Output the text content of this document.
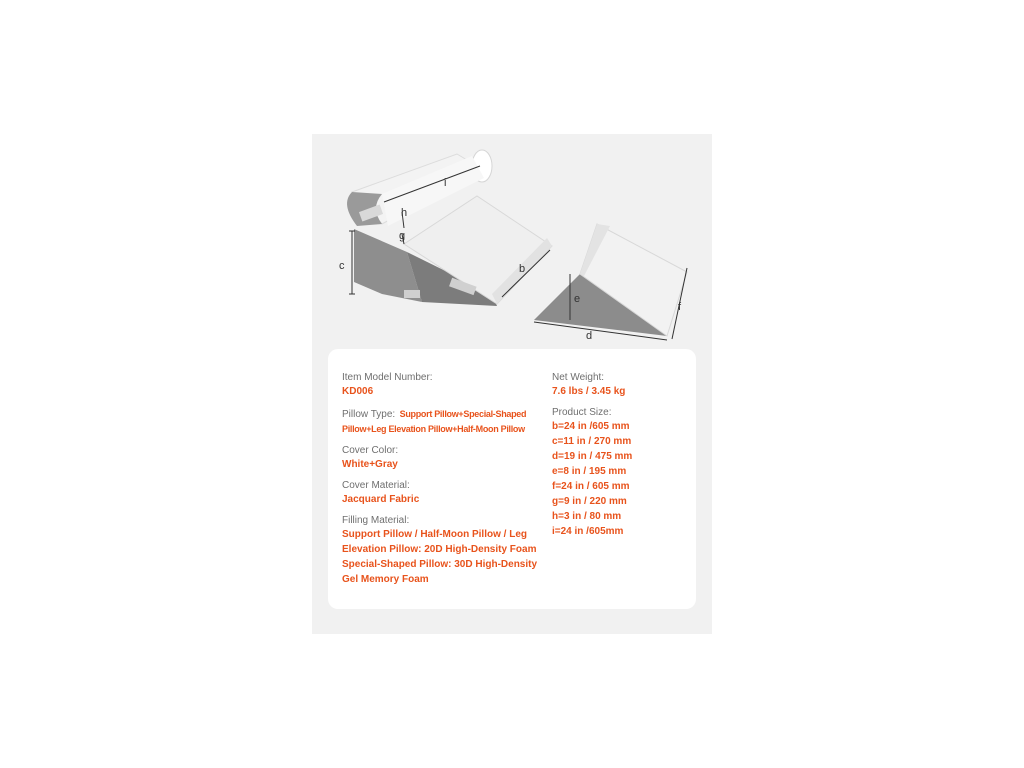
i
h
g
c	b
e
f
d
Item Model Number:
KD006
Pillow Type: Support Pillow+Special-Shaped
Pillow+Leg Elevation Pillow+Half-Moon Pillow
Cover Color:
White+Gray
Cover Material:
Jacquard Fabric
Filling Material:
Support Pillow / Half-Moon Pillow / Leg
Elevation Pillow: 20D High-Density Foam
Special-Shaped Pillow: 30D High-Density
Gel Memory Foam
Net Weight:
7.6 lbs / 3.45 kg
Product Size:
b=24 in /605 mm
c=11 in / 270 mm
d=19 in / 475 mm
e=8 in / 195 mm
f=24 in / 605 mm
g=9 in / 220 mm
h=3 in / 80 mm
i=24 in /605mm
